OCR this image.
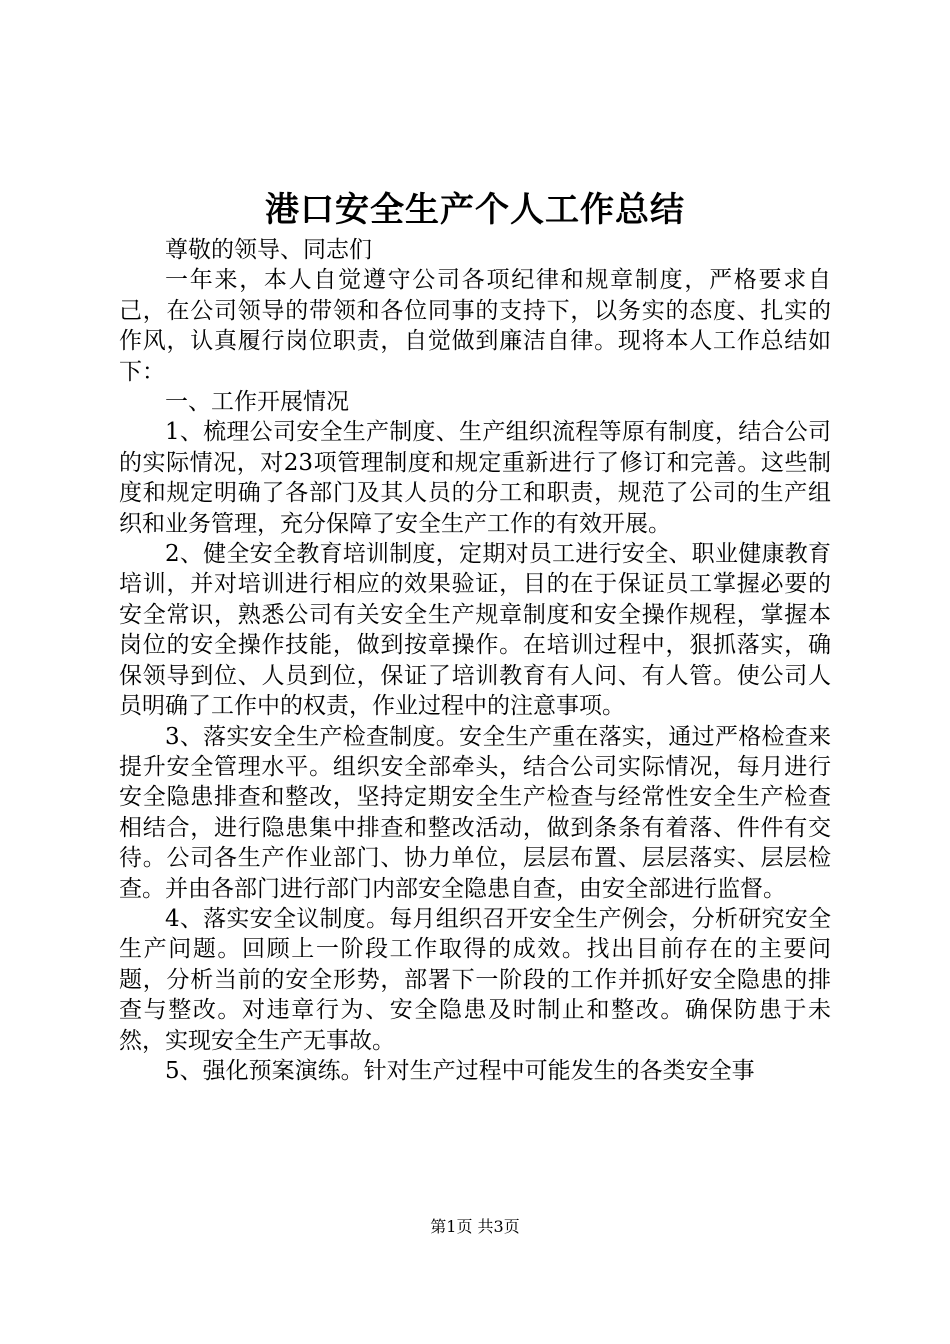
港口安全生产个人工作总结

尊敬的领导、同志们

一年来，本人自觉遵守公司各项纪律和规章制度，严格要求自己，在公司领导的带领和各位同事的支持下，以务实的态度、扎实的作风，认真履行岗位职责，自觉做到廉洁自律。现将本人工作总结如下：

一、工作开展情况

1、梳理公司安全生产制度、生产组织流程等原有制度，结合公司的实际情况，对23项管理制度和规定重新进行了修订和完善。这些制度和规定明确了各部门及其人员的分工和职责，规范了公司的生产组织和业务管理，充分保障了安全生产工作的有效开展。

2、健全安全教育培训制度，定期对员工进行安全、职业健康教育培训，并对培训进行相应的效果验证，目的在于保证员工掌握必要的安全常识，熟悉公司有关安全生产规章制度和安全操作规程，掌握本岗位的安全操作技能，做到按章操作。在培训过程中，狠抓落实，确保领导到位、人员到位，保证了培训教育有人问、有人管。使公司人员明确了工作中的权责，作业过程中的注意事项。

3、落实安全生产检查制度。安全生产重在落实，通过严格检查来提升安全管理水平。组织安全部牵头，结合公司实际情况，每月进行安全隐患排查和整改，坚持定期安全生产检查与经常性安全生产检查相结合，进行隐患集中排查和整改活动，做到条条有着落、件件有交待。公司各生产作业部门、协力单位，层层布置、层层落实、层层检查。并由各部门进行部门内部安全隐患自查，由安全部进行监督。

4、落实安全议制度。每月组织召开安全生产例会，分析研究安全生产问题。回顾上一阶段工作取得的成效。找出目前存在的主要问题，分析当前的安全形势，部署下一阶段的工作并抓好安全隐患的排查与整改。对违章行为、安全隐患及时制止和整改。确保防患于未然，实现安全生产无事故。

5、强化预案演练。针对生产过程中可能发生的各类安全事

第1页 共3页
